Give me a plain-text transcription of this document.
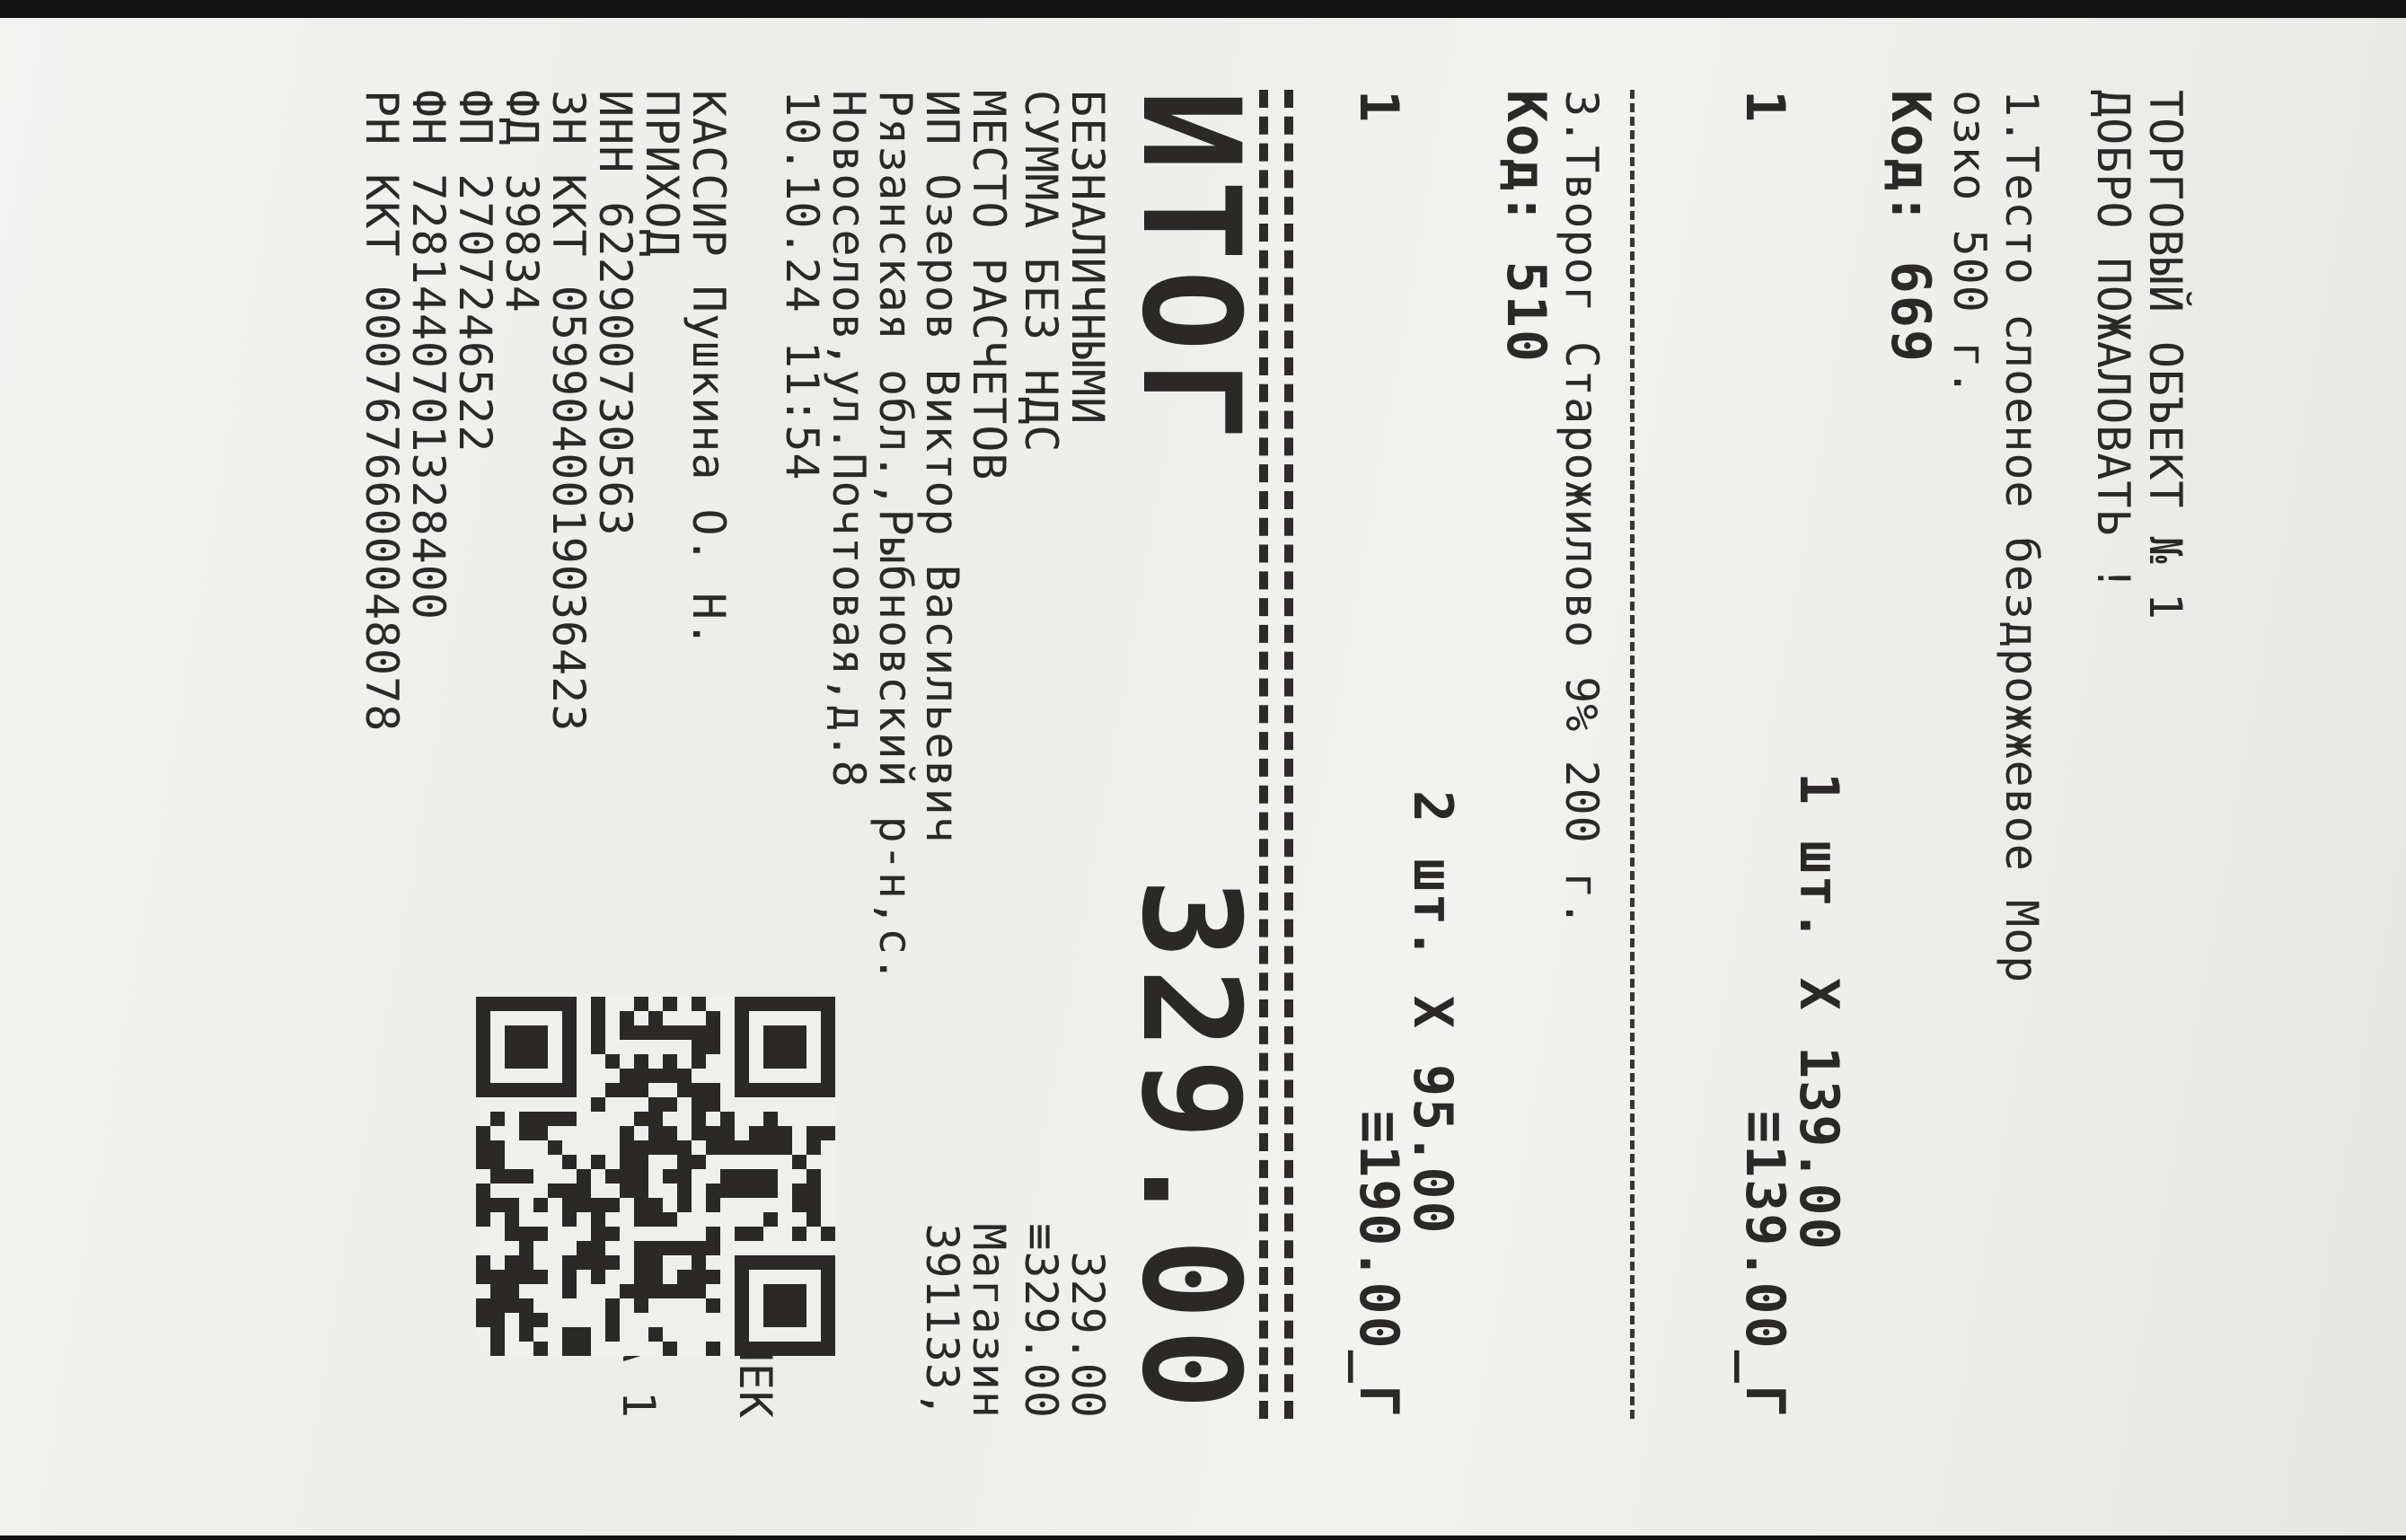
ТОРГОВЫЙ ОБЪЕКТ № 1
ДОБРО ПОЖАЛОВАТЬ !
1.Тесто слоеное бездрожжевое Мор
озко 500 г.
Код: 669
1 шт. X 139.00
1
≡139.00_Г
3.Творог Старожилово 9% 200 г.
Код: 510
2 шт. X 95.00
1
≡190.00_Г
ИТОГ
329.00
БЕЗНАЛИЧНЫМИ
329.00
СУММА БЕЗ НДС
≡329.00
МЕСТО РАСЧЕТОВ
Магазин
ИП Озеров Виктор Васильевич
391133,
Рязанская обл.,Рыбновский р-н,с.
Новоселов,ул.Почтовая,д.8
10.10.24 11:54
КАССИР Пушкина О. Н.
ПРИХОД
ИНН 622900730563
ЗН ККТ 0599040019036423
ФД 39834
ФП 2707246522
ФН 7281440701328400
РН ККТ 0007676600048078
